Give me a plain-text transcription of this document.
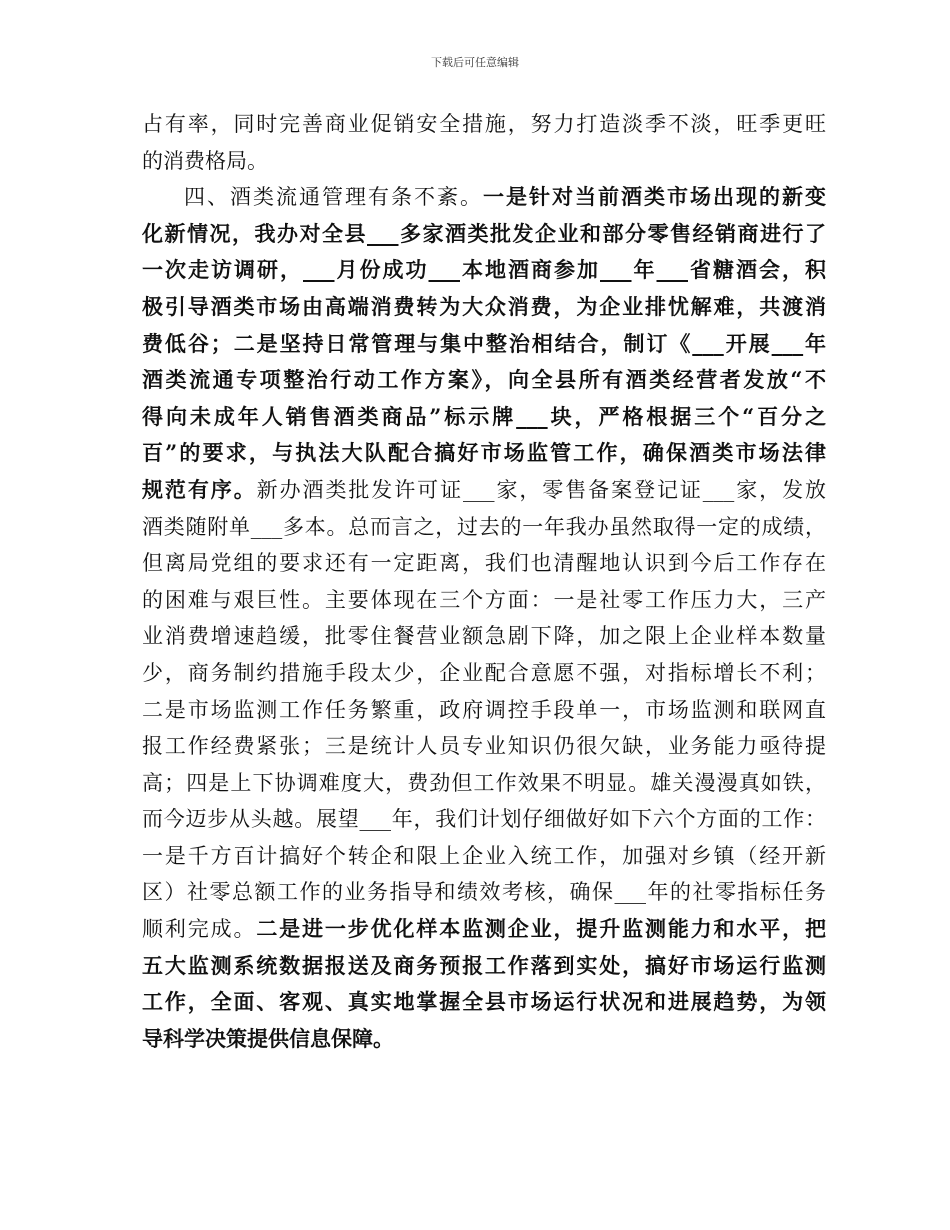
下载后可任意编辑
占有率，同时完善商业促销安全措施，努力打造淡季不淡，旺季更旺
的消费格局。
四、酒类流通管理有条不紊。一是针对当前酒类市场出现的新变
化新情况，我办对全县___多家酒类批发企业和部分零售经销商进行了
一次走访调研，___月份成功___本地酒商参加___年___省糖酒会，积
极引导酒类市场由高端消费转为大众消费，为企业排忧解难，共渡消
费低谷；二是坚持日常管理与集中整治相结合，制订《___开展___年
酒类流通专项整治行动工作方案》，向全县所有酒类经营者发放“不
得向未成年人销售酒类商品”标示牌___块，严格根据三个“百分之
百”的要求，与执法大队配合搞好市场监管工作，确保酒类市场法律
规范有序。新办酒类批发许可证___家，零售备案登记证___家，发放
酒类随附单___多本。总而言之，过去的一年我办虽然取得一定的成绩，
但离局党组的要求还有一定距离，我们也清醒地认识到今后工作存在
的困难与艰巨性。主要体现在三个方面：一是社零工作压力大，三产
业消费增速趋缓，批零住餐营业额急剧下降，加之限上企业样本数量
少，商务制约措施手段太少，企业配合意愿不强，对指标增长不利；
二是市场监测工作任务繁重，政府调控手段单一，市场监测和联网直
报工作经费紧张；三是统计人员专业知识仍很欠缺，业务能力亟待提
高；四是上下协调难度大，费劲但工作效果不明显。雄关漫漫真如铁，
而今迈步从头越。展望___年，我们计划仔细做好如下六个方面的工作：
一是千方百计搞好个转企和限上企业入统工作，加强对乡镇（经开新
区）社零总额工作的业务指导和绩效考核，确保___年的社零指标任务
顺利完成。二是进一步优化样本监测企业，提升监测能力和水平，把
五大监测系统数据报送及商务预报工作落到实处，搞好市场运行监测
工作，全面、客观、真实地掌握全县市场运行状况和进展趋势，为领
导科学决策提供信息保障。
